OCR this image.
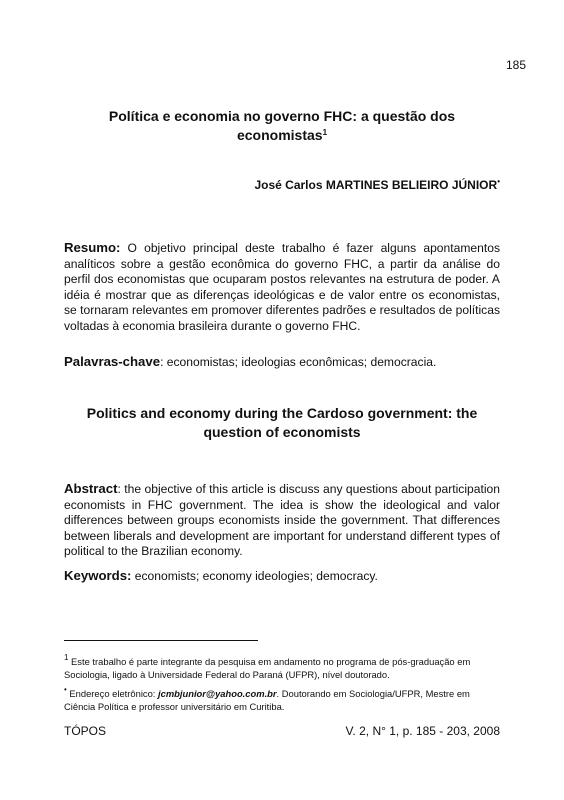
185
Política e economia no governo FHC: a questão dos economistas$^1$
José Carlos MARTINES BELIEIRO JÚNIOR•
Resumo: O objetivo principal deste trabalho é fazer alguns apontamentos analíticos sobre a gestão econômica do governo FHC, a partir da análise do perfil dos economistas que ocuparam postos relevantes na estrutura de poder. A idéia é mostrar que as diferenças ideológicas e de valor entre os economistas, se tornaram relevantes em promover diferentes padrões e resultados de políticas voltadas à economia brasileira durante o governo FHC.
Palavras-chave: economistas; ideologias econômicas; democracia.
Politics and economy during the Cardoso government: the question of economists
Abstract: the objective of this article is discuss any questions about participation economists in FHC government. The idea is show the ideological and valor differences between groups economists inside the government. That differences between liberals and development are important for understand different types of political to the Brazilian economy.
Keywords: economists; economy ideologies; democracy.
$^1$ Este trabalho é parte integrante da pesquisa em andamento no programa de pós-graduação em Sociologia, ligado à Universidade Federal do Paraná (UFPR), nível doutorado.
• Endereço eletrônico: jcmbjunior@yahoo.com.br. Doutorando em Sociologia/UFPR, Mestre em Ciência Política e professor universitário em Curitiba.
TÓPOS	V. 2, N° 1, p. 185 - 203, 2008
